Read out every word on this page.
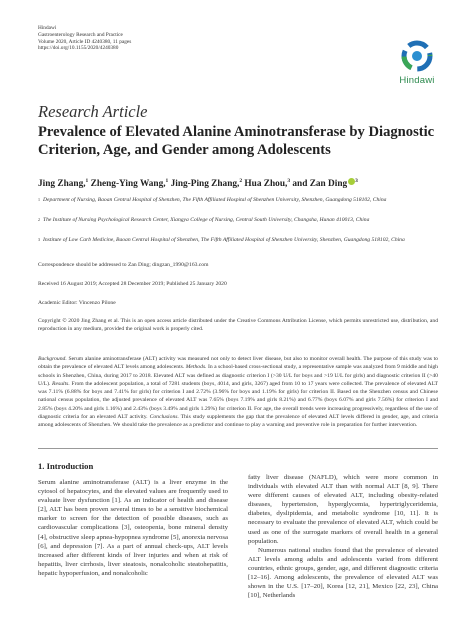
Hindawi
Gastroenterology Research and Practice
Volume 2020, Article ID 4240380, 11 pages
https://doi.org/10.1155/2020/4240380
Hindawi
Research Article
Prevalence of Elevated Alanine Aminotransferase by Diagnostic Criterion, Age, and Gender among Adolescents
Jing Zhang,$^1$ Zheng-Ying Wang,$^1$ Jing-Ping Zhang,$^2$ Hua Zhou,$^3$ and Zan Ding $^3$
1 Department of Nursing, Baoan Central Hospital of Shenzhen, The Fifth Affiliated Hospital of Shenzhen University, Shenzhen, Guangdong 518102, China
2 The Institute of Nursing Psychological Research Center, Xiangya College of Nursing, Central South University, Changsha, Hunan 410013, China
3 Institute of Low Carb Medicine, Baoan Central Hospital of Shenzhen, The Fifth Affiliated Hospital of Shenzhen University, Shenzhen, Guangdong 518102, China
Correspondence should be addressed to Zan Ding; dingzan_1990@163.com
Received 16 August 2019; Accepted 28 December 2019; Published 25 January 2020
Academic Editor: Vincenzo Pilone
Copyright © 2020 Jing Zhang et al. This is an open access article distributed under the Creative Commons Attribution License, which permits unrestricted use, distribution, and reproduction in any medium, provided the original work is properly cited.
Background. Serum alanine aminotransferase (ALT) activity was measured not only to detect liver disease, but also to monitor overall health. The purpose of this study was to obtain the prevalence of elevated ALT levels among adolescents. Methods. In a school-based cross-sectional study, a representative sample was analyzed from 9 middle and high schools in Shenzhen, China, during 2017 to 2018. Elevated ALT was defined as diagnostic criterion I (>30 U/L for boys and >19 U/L for girls) and diagnostic criterion II (>40 U/L). Results. From the adolescent population, a total of 7281 students (boys, 4014, and girls, 3267) aged from 10 to 17 years were collected. The prevalence of elevated ALT was 7.11% (6.88% for boys and 7.41% for girls) for criterion I and 2.72% (3.96% for boys and 1.19% for girls) for criterion II. Based on the Shenzhen census and Chinese national census population, the adjusted prevalence of elevated ALT was 7.65% (boys 7.19% and girls 8.21%) and 6.77% (boys 6.07% and girls 7.56%) for criterion I and 2.85% (boys 4.20% and girls 1.16%) and 2.43% (boys 3.49% and girls 1.29%) for criterion II. For age, the overall trends were increasing progressively, regardless of the use of diagnostic criteria for an elevated ALT activity. Conclusions. This study supplements the gap that the prevalence of elevated ALT levels differed in gender, age, and criteria among adolescents of Shenzhen. We should take the prevalence as a predictor and continue to play a warning and preventive role in preparation for further intervention.
1. Introduction

Serum alanine aminotransferase (ALT) is a liver enzyme in the cytosol of hepatocytes, and the elevated values are frequently used to evaluate liver dysfunction [1]. As an indicator of health and disease [2], ALT has been proven several times to be a sensitive biochemical marker to screen for the detection of possible diseases, such as cardiovascular complications [3], osteopenia, bone mineral density [4], obstructive sleep apnea-hypopnea syndrome [5], anorexia nervosa [6], and depression [7]. As a part of annual check-ups, ALT levels increased after different kinds of liver injuries and when at risk of hepatitis, liver cirrhosis, liver steatosis, nonalcoholic steatohepatitis, hepatic hypoperfusion, and nonalcoholic

fatty liver disease (NAFLD), which were more common in individuals with elevated ALT than with normal ALT [8, 9]. There were different causes of elevated ALT, including obesity-related diseases, hypertension, hyperglycemia, hypertriglyceridemia, diabetes, dyslipidemia, and metabolic syndrome [10, 11]. It is necessary to evaluate the prevalence of elevated ALT, which could be used as one of the surrogate markers of overall health in a general population.

Numerous national studies found that the prevalence of elevated ALT levels among adults and adolescents varied from different countries, ethnic groups, gender, age, and different diagnostic criteria [12–16]. Among adolescents, the prevalence of elevated ALT was shown in the U.S. [17–20], Korea [12, 21], Mexico [22, 23], China [10], Netherlands
